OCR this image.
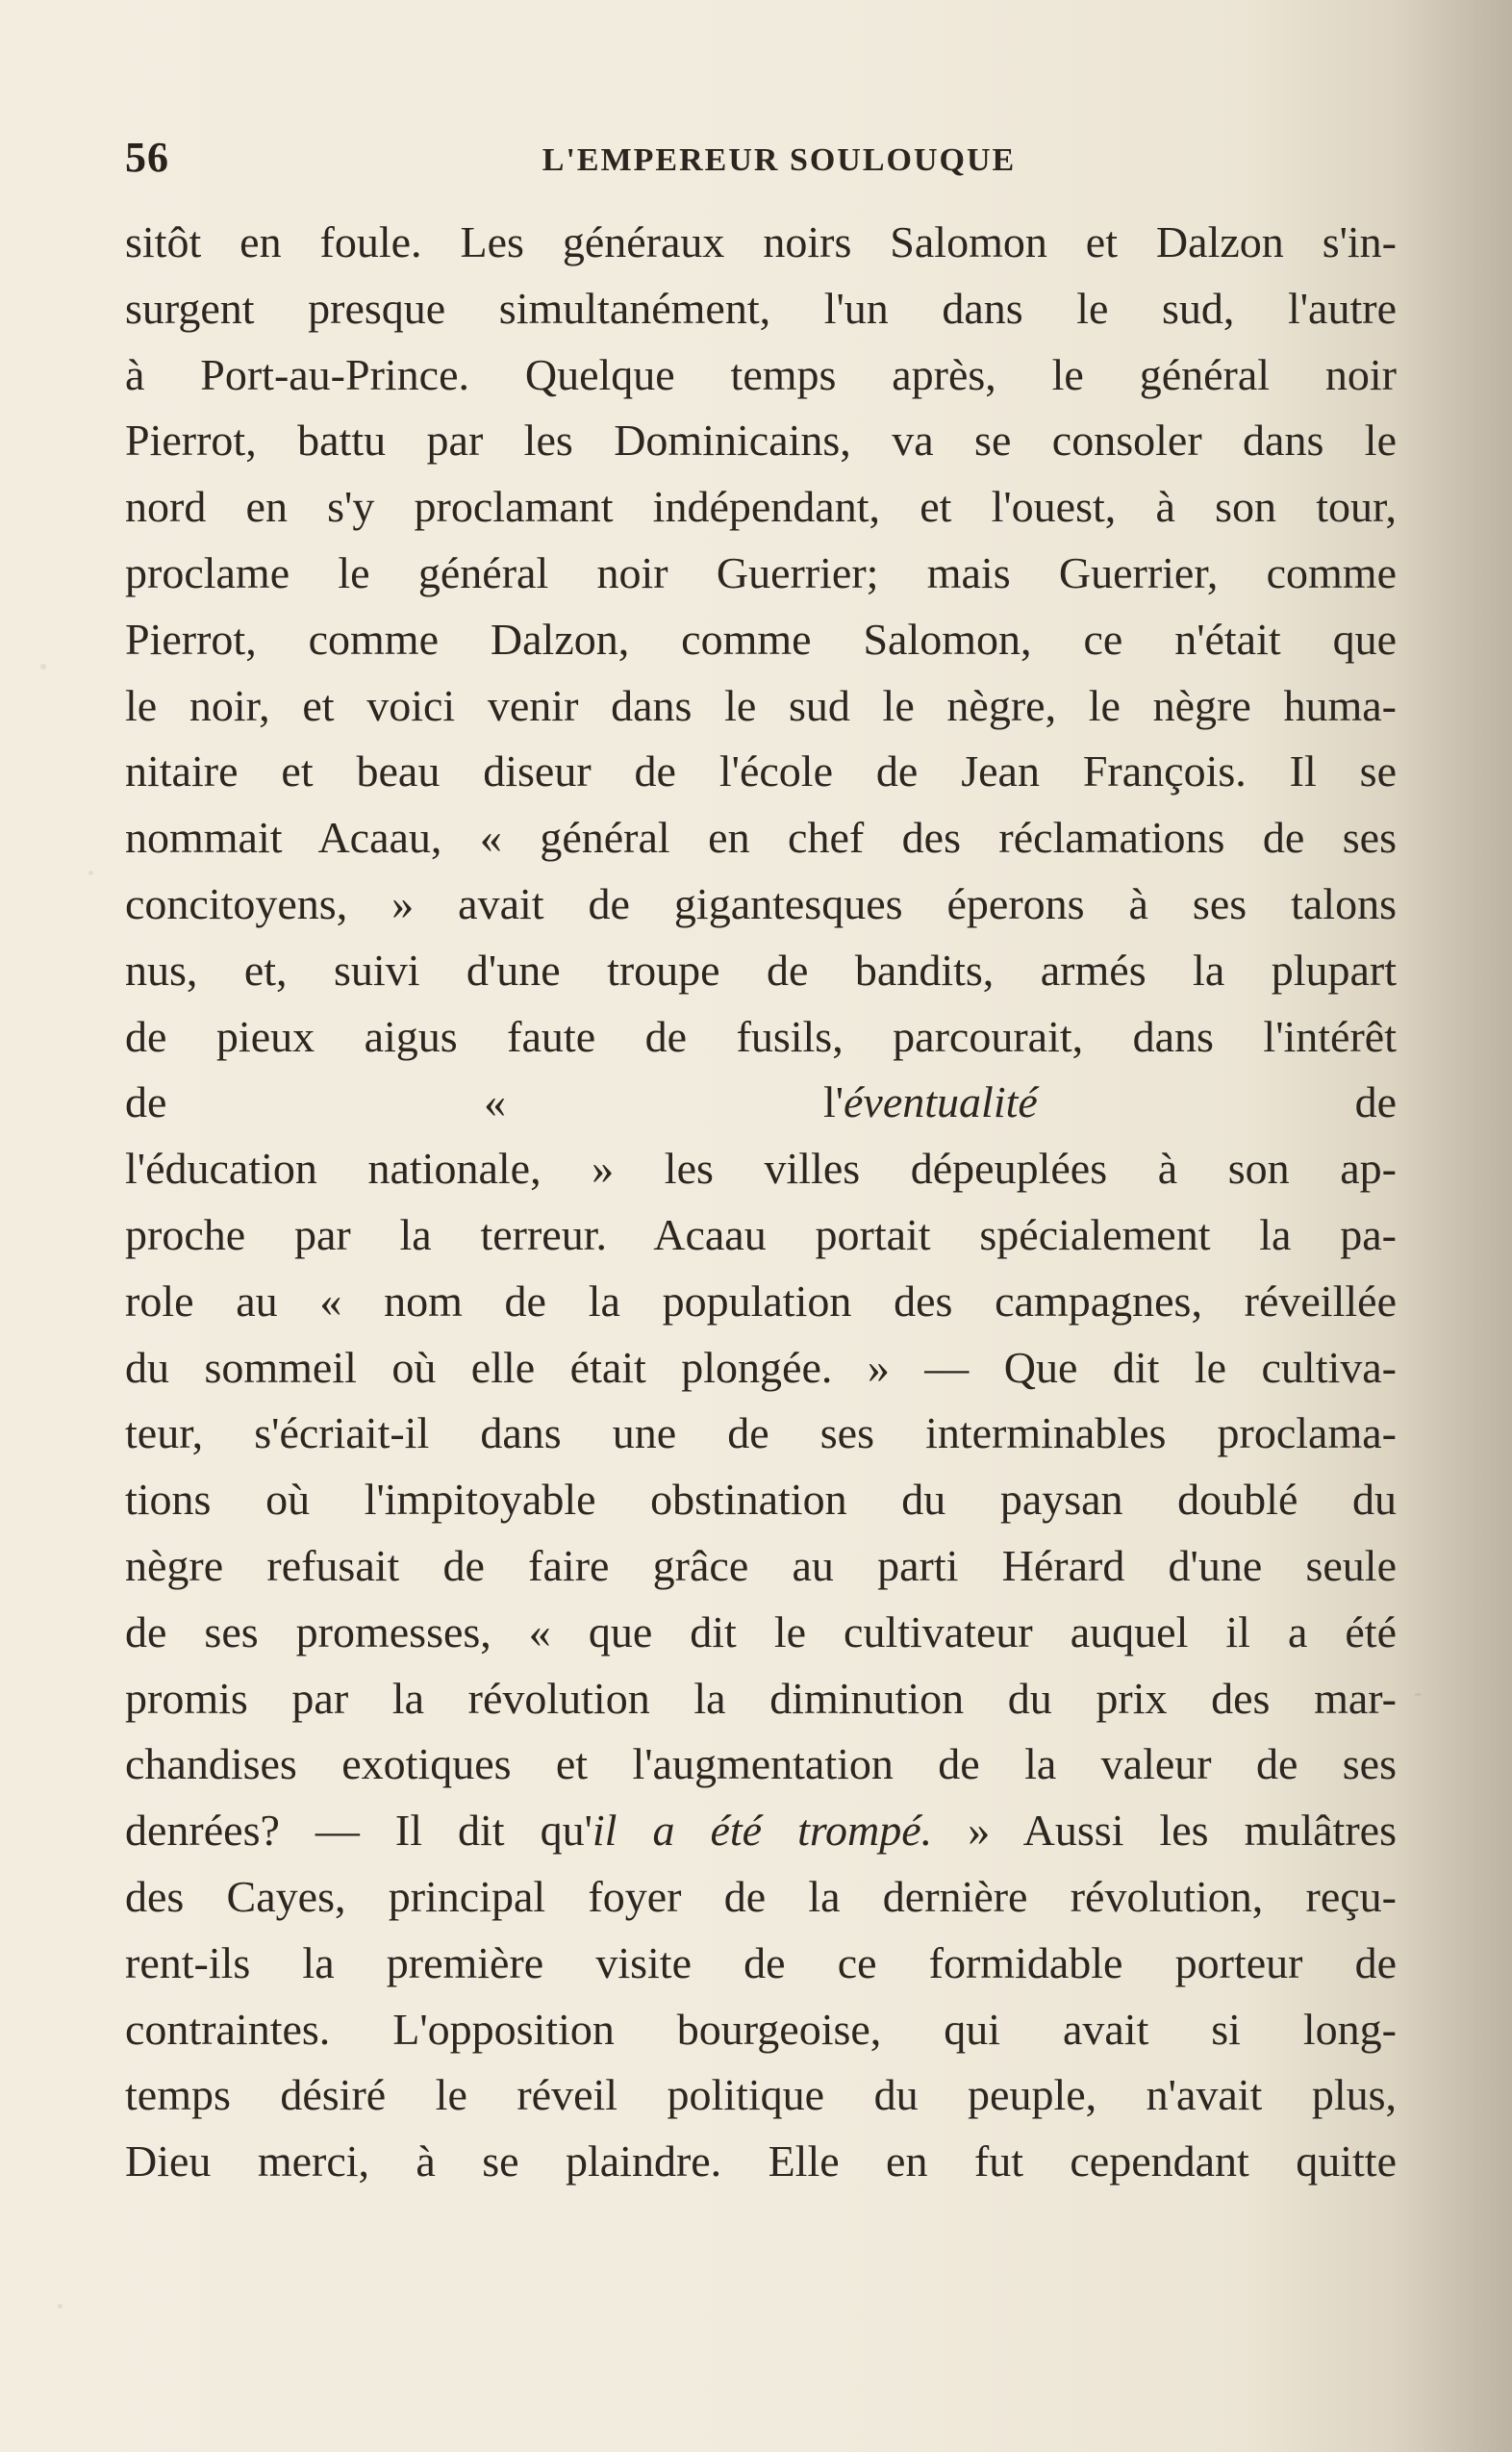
56	L'EMPEREUR SOULOUQUE
sitôt en foule. Les généraux noirs Salomon et Dalzon s'in-
surgent presque simultanément, l'un dans le sud, l'autre
à Port-au-Prince. Quelque temps après, le général noir
Pierrot, battu par les Dominicains, va se consoler dans le
nord en s'y proclamant indépendant, et l'ouest, à son tour,
proclame le général noir Guerrier; mais Guerrier, comme
Pierrot, comme Dalzon, comme Salomon, ce n'était que
le noir, et voici venir dans le sud le nègre, le nègre huma-
nitaire et beau diseur de l'école de Jean François. Il se
nommait Acaau, « général en chef des réclamations de ses
concitoyens, » avait de gigantesques éperons à ses talons
nus, et, suivi d'une troupe de bandits, armés la plupart
de pieux aigus faute de fusils, parcourait, dans l'intérêt
de « l'éventualité de
l'éducation nationale, » les villes dépeuplées à son ap-
proche par la terreur. Acaau portait spécialement la pa-
role au « nom de la population des campagnes, réveillée
du sommeil où elle était plongée. » — Que dit le cultiva-
teur, s'écriait-il dans une de ses interminables proclama-
tions où l'impitoyable obstination du paysan doublé du
nègre refusait de faire grâce au parti Hérard d'une seule
de ses promesses, « que dit le cultivateur auquel il a été
promis par la révolution la diminution du prix des mar-
chandises exotiques et l'augmentation de la valeur de ses
denrées? — Il dit qu'il a été trompé. » Aussi les mulâtres
des Cayes, principal foyer de la dernière révolution, reçu-
rent-ils la première visite de ce formidable porteur de
contraintes. L'opposition bourgeoise, qui avait si long-
temps désiré le réveil politique du peuple, n'avait plus,
Dieu merci, à se plaindre. Elle en fut cependant quitte
